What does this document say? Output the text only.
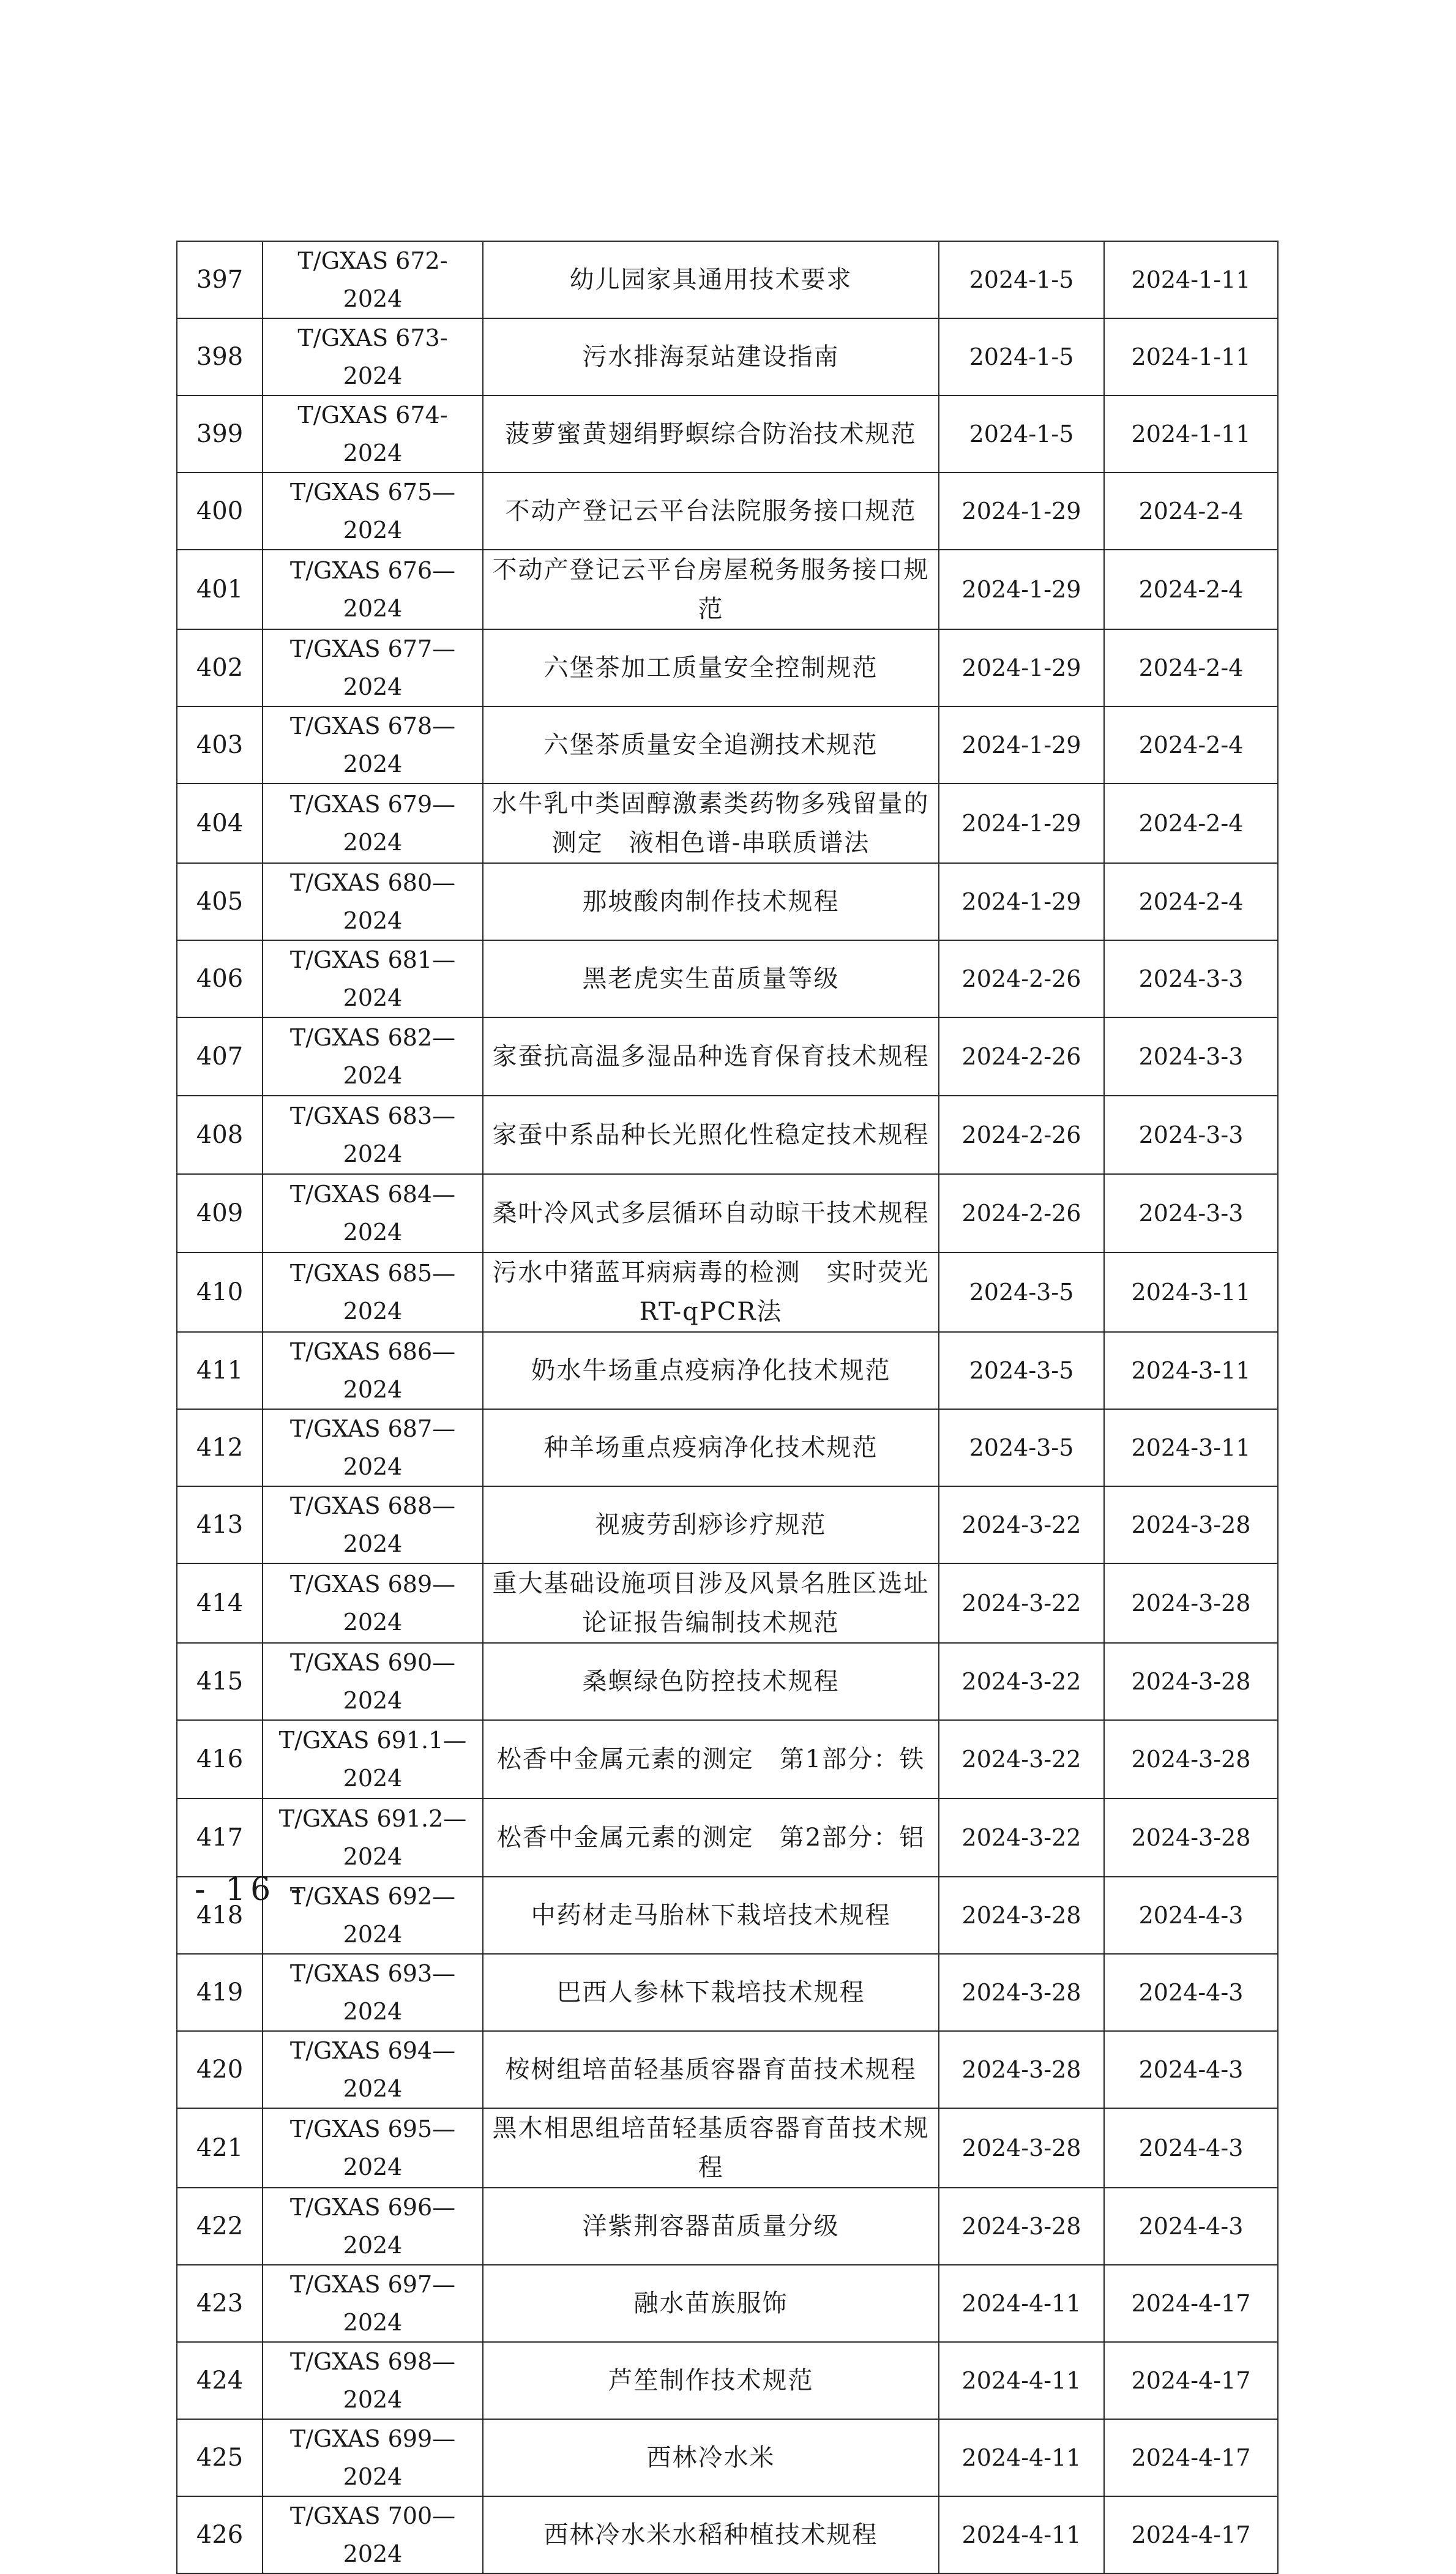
397	T/GXAS 672-2024	幼儿园家具通用技术要求	2024-1-5	2024-1-11
398	T/GXAS 673-2024	污水排海泵站建设指南	2024-1-5	2024-1-11
399	T/GXAS 674-2024	菠萝蜜黄翅绢野螟综合防治技术规范	2024-1-5	2024-1-11
400	T/GXAS 675—2024	不动产登记云平台法院服务接口规范	2024-1-29	2024-2-4
401	T/GXAS 676—2024	不动产登记云平台房屋税务服务接口规范	2024-1-29	2024-2-4
402	T/GXAS 677—2024	六堡茶加工质量安全控制规范	2024-1-29	2024-2-4
403	T/GXAS 678—2024	六堡茶质量安全追溯技术规范	2024-1-29	2024-2-4
404	T/GXAS 679—2024	水牛乳中类固醇激素类药物多残留量的测定　液相色谱-串联质谱法	2024-1-29	2024-2-4
405	T/GXAS 680—2024	那坡酸肉制作技术规程	2024-1-29	2024-2-4
406	T/GXAS 681—2024	黑老虎实生苗质量等级	2024-2-26	2024-3-3
407	T/GXAS 682—2024	家蚕抗高温多湿品种选育保育技术规程	2024-2-26	2024-3-3
408	T/GXAS 683—2024	家蚕中系品种长光照化性稳定技术规程	2024-2-26	2024-3-3
409	T/GXAS 684—2024	桑叶冷风式多层循环自动晾干技术规程	2024-2-26	2024-3-3
410	T/GXAS 685—2024	污水中猪蓝耳病病毒的检测　实时荧光RT-qPCR法	2024-3-5	2024-3-11
411	T/GXAS 686—2024	奶水牛场重点疫病净化技术规范	2024-3-5	2024-3-11
412	T/GXAS 687—2024	种羊场重点疫病净化技术规范	2024-3-5	2024-3-11
413	T/GXAS 688—2024	视疲劳刮痧诊疗规范	2024-3-22	2024-3-28
414	T/GXAS 689—2024	重大基础设施项目涉及风景名胜区选址论证报告编制技术规范	2024-3-22	2024-3-28
415	T/GXAS 690—2024	桑螟绿色防控技术规程	2024-3-22	2024-3-28
416	T/GXAS 691.1—2024	松香中金属元素的测定　第1部分：铁	2024-3-22	2024-3-28
417	T/GXAS 691.2—2024	松香中金属元素的测定　第2部分：铝	2024-3-22	2024-3-28
418	T/GXAS 692—2024	中药材走马胎林下栽培技术规程	2024-3-28	2024-4-3
419	T/GXAS 693—2024	巴西人参林下栽培技术规程	2024-3-28	2024-4-3
420	T/GXAS 694—2024	桉树组培苗轻基质容器育苗技术规程	2024-3-28	2024-4-3
421	T/GXAS 695—2024	黑木相思组培苗轻基质容器育苗技术规程	2024-3-28	2024-4-3
422	T/GXAS 696—2024	洋紫荆容器苗质量分级	2024-3-28	2024-4-3
423	T/GXAS 697—2024	融水苗族服饰	2024-4-11	2024-4-17
424	T/GXAS 698—2024	芦笙制作技术规范	2024-4-11	2024-4-17
425	T/GXAS 699—2024	西林冷水米	2024-4-11	2024-4-17
426	T/GXAS 700—2024	西林冷水米水稻种植技术规程	2024-4-11	2024-4-17
- 16 -
